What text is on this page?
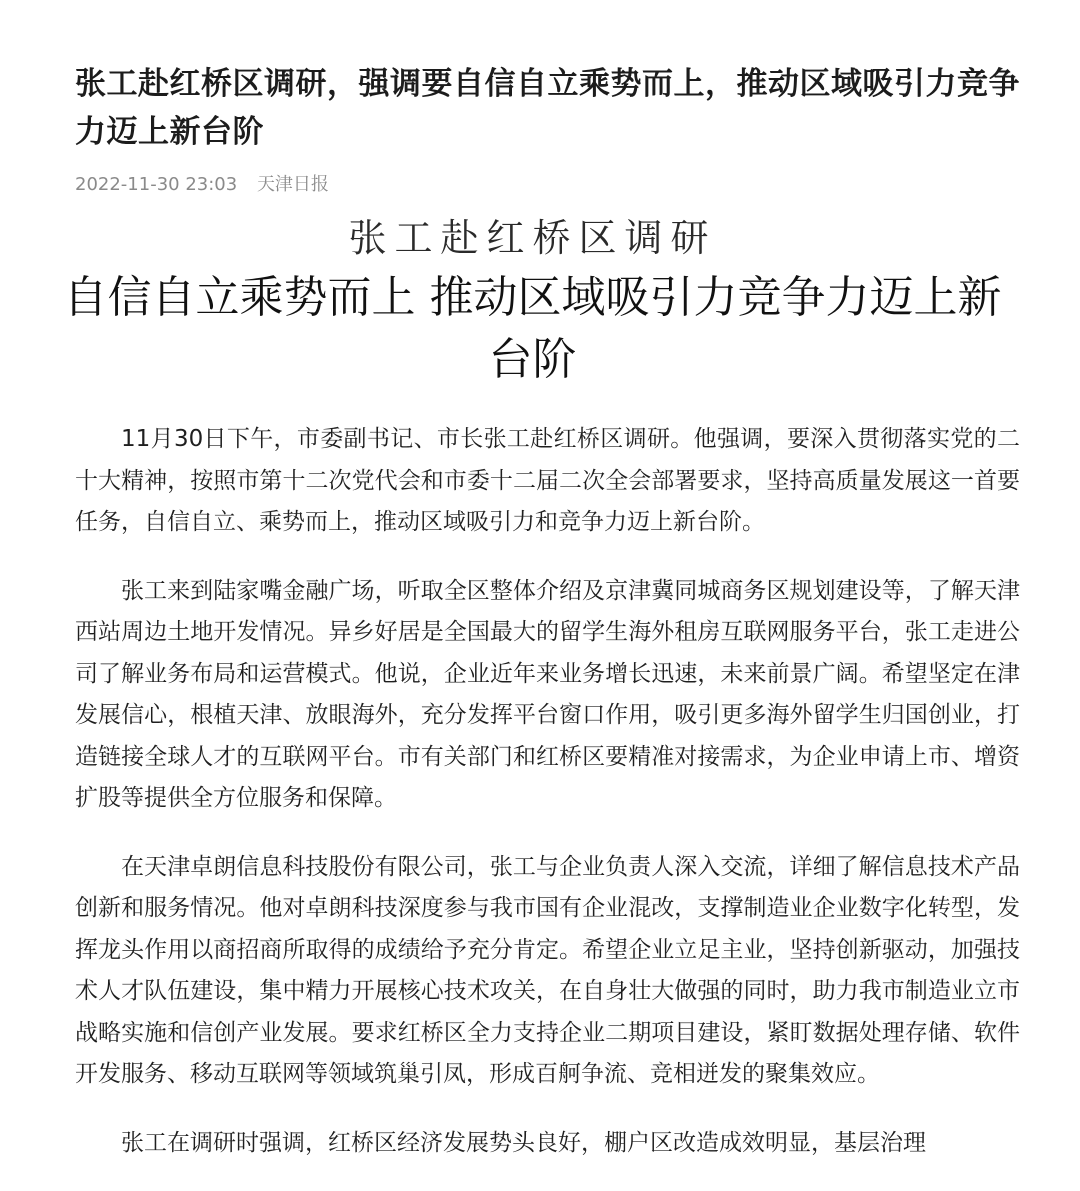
张工赴红桥区调研，强调要自信自立乘势而上，推动区域吸引力竞争力迈上新台阶
2022-11-30 23:03 天津日报
张工赴红桥区调研
自信自立乘势而上 推动区域吸引力竞争力迈上新台阶

11月30日下午，市委副书记、市长张工赴红桥区调研。他强调，要深入贯彻落实党的二十大精神，按照市第十二次党代会和市委十二届二次全会部署要求，坚持高质量发展这一首要任务，自信自立、乘势而上，推动区域吸引力和竞争力迈上新台阶。

张工来到陆家嘴金融广场，听取全区整体介绍及京津冀同城商务区规划建设等，了解天津西站周边土地开发情况。异乡好居是全国最大的留学生海外租房互联网服务平台，张工走进公司了解业务布局和运营模式。他说，企业近年来业务增长迅速，未来前景广阔。希望坚定在津发展信心，根植天津、放眼海外，充分发挥平台窗口作用，吸引更多海外留学生归国创业，打造链接全球人才的互联网平台。市有关部门和红桥区要精准对接需求，为企业申请上市、增资扩股等提供全方位服务和保障。

在天津卓朗信息科技股份有限公司，张工与企业负责人深入交流，详细了解信息技术产品创新和服务情况。他对卓朗科技深度参与我市国有企业混改，支撑制造业企业数字化转型，发挥龙头作用以商招商所取得的成绩给予充分肯定。希望企业立足主业，坚持创新驱动，加强技术人才队伍建设，集中精力开展核心技术攻关，在自身壮大做强的同时，助力我市制造业立市战略实施和信创产业发展。要求红桥区全力支持企业二期项目建设，紧盯数据处理存储、软件开发服务、移动互联网等领域筑巢引凤，形成百舸争流、竞相迸发的聚集效应。

张工在调研时强调，红桥区经济发展势头良好，棚户区改造成效明显，基层治理
